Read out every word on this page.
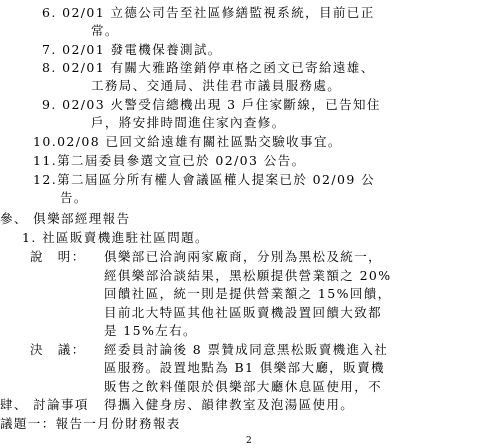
6. 02/01 立德公司告至社區修繕監視系統，目前已正
常。
7. 02/01 發電機保養測試。
8. 02/01 有關大雅路塗銷停車格之函文已寄給遠雄、
工務局、交通局、洪佳君市議員服務處。
9. 02/03 火警受信總機出現 3 戶住家斷線，已告知住
戶，將安排時間進住家內查修。
10.02/08 已回文給遠雄有關社區點交驗收事宜。
11.第二屆委員參選文宣已於 02/03 公告。
12.第二屆區分所有權人會議區權人提案已於 02/09 公
告。
參、 俱樂部經理報告
1. 社區販賣機進駐社區問題。
說　明： 俱樂部已洽詢兩家廠商，分別為黑松及統一，
經俱樂部洽談結果，黑松願提供營業額之 20%
回饋社區，統一則是提供營業額之 15%回饋，
目前北大特區其他社區販賣機設置回饋大致都
是 15%左右。
決　議： 經委員討論後 8 票贊成同意黑松販賣機進入社
區服務。設置地點為 B1 俱樂部大廳，販賣機
販售之飲料僅限於俱樂部大廳休息區使用，不
得攜入健身房、韻律教室及泡湯區使用。
肆、 討論事項
議題一：報告一月份財務報表
2
